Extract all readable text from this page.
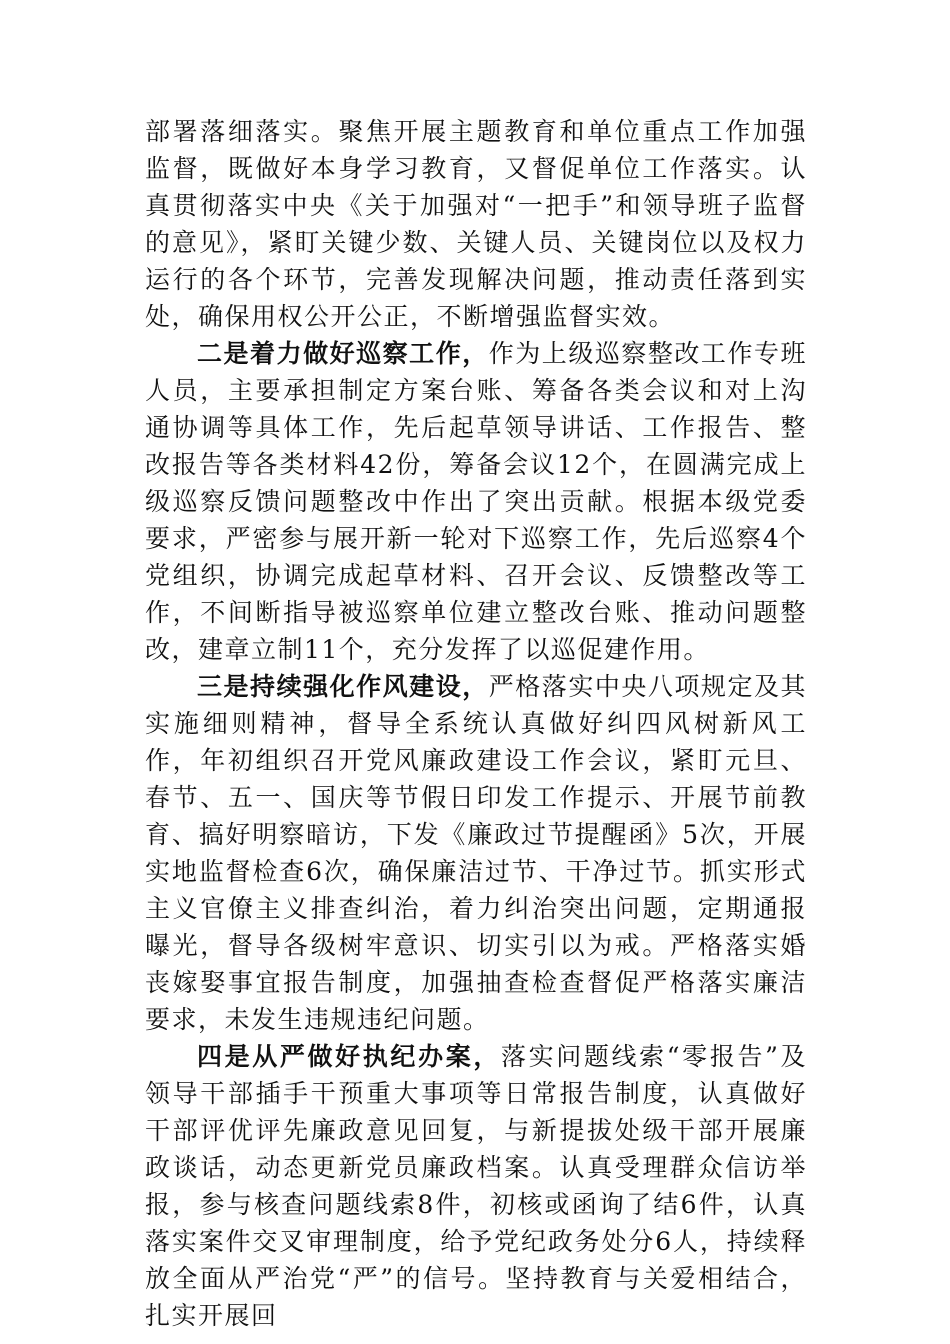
部署落细落实。聚焦开展主题教育和单位重点工作加强监督，既做好本身学习教育，又督促单位工作落实。认真贯彻落实中央《关于加强对“一把手”和领导班子监督的意见》，紧盯关键少数、关键人员、关键岗位以及权力运行的各个环节，完善发现解决问题，推动责任落到实处，确保用权公开公正，不断增强监督实效。

二是着力做好巡察工作，作为上级巡察整改工作专班人员，主要承担制定方案台账、筹备各类会议和对上沟通协调等具体工作，先后起草领导讲话、工作报告、整改报告等各类材料42份，筹备会议12个，在圆满完成上级巡察反馈问题整改中作出了突出贡献。根据本级党委要求，严密参与展开新一轮对下巡察工作，先后巡察4个党组织，协调完成起草材料、召开会议、反馈整改等工作，不间断指导被巡察单位建立整改台账、推动问题整改，建章立制11个，充分发挥了以巡促建作用。

三是持续强化作风建设，严格落实中央八项规定及其实施细则精神，督导全系统认真做好纠四风树新风工作，年初组织召开党风廉政建设工作会议，紧盯元旦、春节、五一、国庆等节假日印发工作提示、开展节前教育、搞好明察暗访，下发《廉政过节提醒函》5次，开展实地监督检查6次，确保廉洁过节、干净过节。抓实形式主义官僚主义排查纠治，着力纠治突出问题，定期通报曝光，督导各级树牢意识、切实引以为戒。严格落实婚丧嫁娶事宜报告制度，加强抽查检查督促严格落实廉洁要求，未发生违规违纪问题。

四是从严做好执纪办案，落实问题线索“零报告”及领导干部插手干预重大事项等日常报告制度，认真做好干部评优评先廉政意见回复，与新提拔处级干部开展廉政谈话，动态更新党员廉政档案。认真受理群众信访举报，参与核查问题线索8件，初核或函询了结6件，认真落实案件交叉审理制度，给予党纪政务处分6人，持续释放全面从严治党“严”的信号。坚持教育与关爱相结合，扎实开展回
